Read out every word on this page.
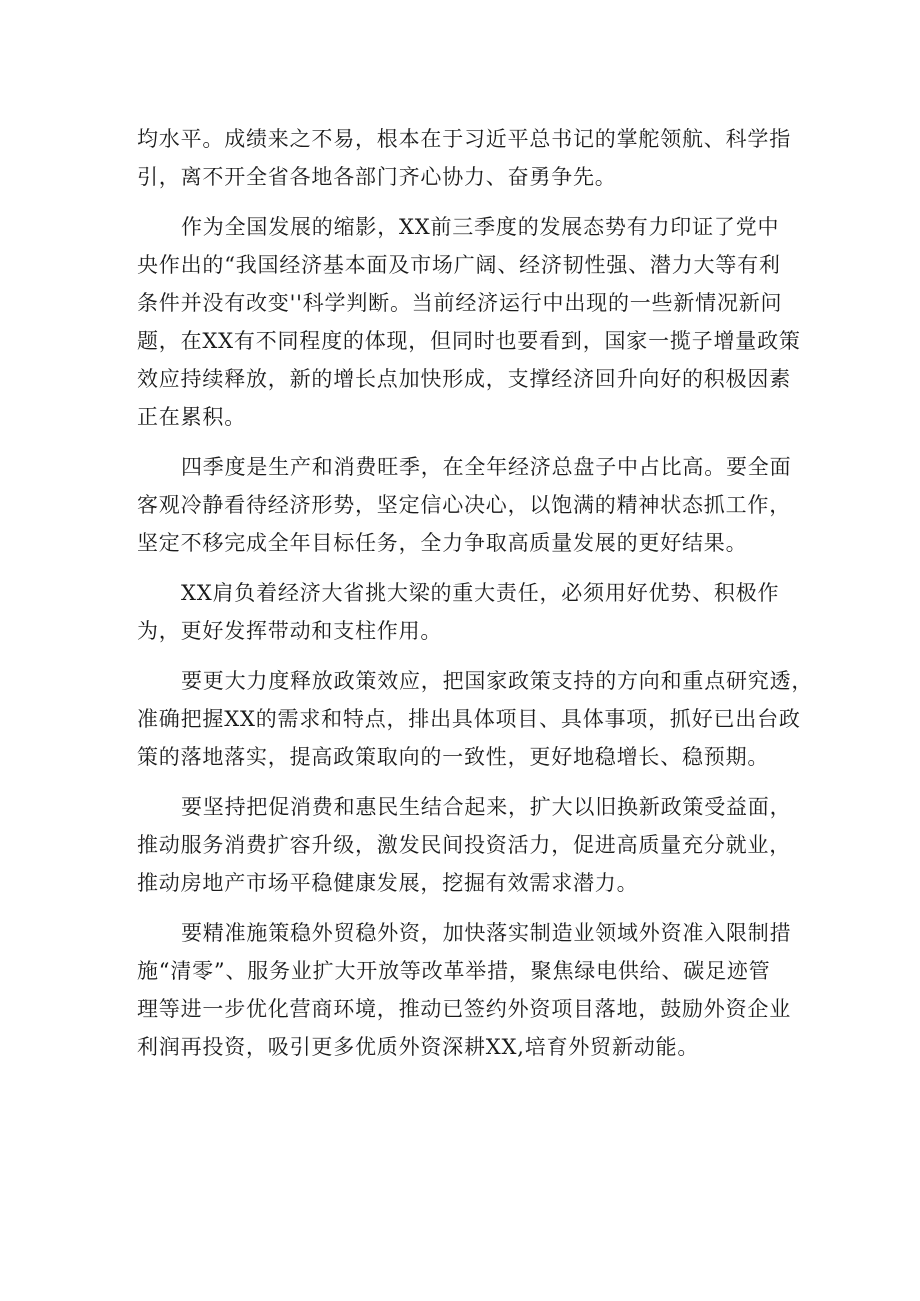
均水平。成绩来之不易，根本在于习近平总书记的掌舵领航、科学指
引，离不开全省各地各部门齐心协力、奋勇争先。
作为全国发展的缩影，XX前三季度的发展态势有力印证了党中
央作出的“我国经济基本面及市场广阔、经济韧性强、潜力大等有利
条件并没有改变''科学判断。当前经济运行中出现的一些新情况新问
题，在XX有不同程度的体现，但同时也要看到，国家一揽子增量政策
效应持续释放，新的增长点加快形成，支撑经济回升向好的积极因素
正在累积。
四季度是生产和消费旺季，在全年经济总盘子中占比高。要全面
客观冷静看待经济形势，坚定信心决心，以饱满的精神状态抓工作，
坚定不移完成全年目标任务，全力争取高质量发展的更好结果。
XX肩负着经济大省挑大梁的重大责任，必须用好优势、积极作
为，更好发挥带动和支柱作用。
要更大力度释放政策效应，把国家政策支持的方向和重点研究透，
准确把握XX的需求和特点，排出具体项目、具体事项，抓好已出台政
策的落地落实，提高政策取向的一致性，更好地稳增长、稳预期。
要坚持把促消费和惠民生结合起来，扩大以旧换新政策受益面，
推动服务消费扩容升级，激发民间投资活力，促进高质量充分就业，
推动房地产市场平稳健康发展，挖掘有效需求潜力。
要精准施策稳外贸稳外资，加快落实制造业领域外资准入限制措
施“清零”、服务业扩大开放等改革举措，聚焦绿电供给、碳足迹管
理等进一步优化营商环境，推动已签约外资项目落地，鼓励外资企业
利润再投资，吸引更多优质外资深耕XX,培育外贸新动能。
